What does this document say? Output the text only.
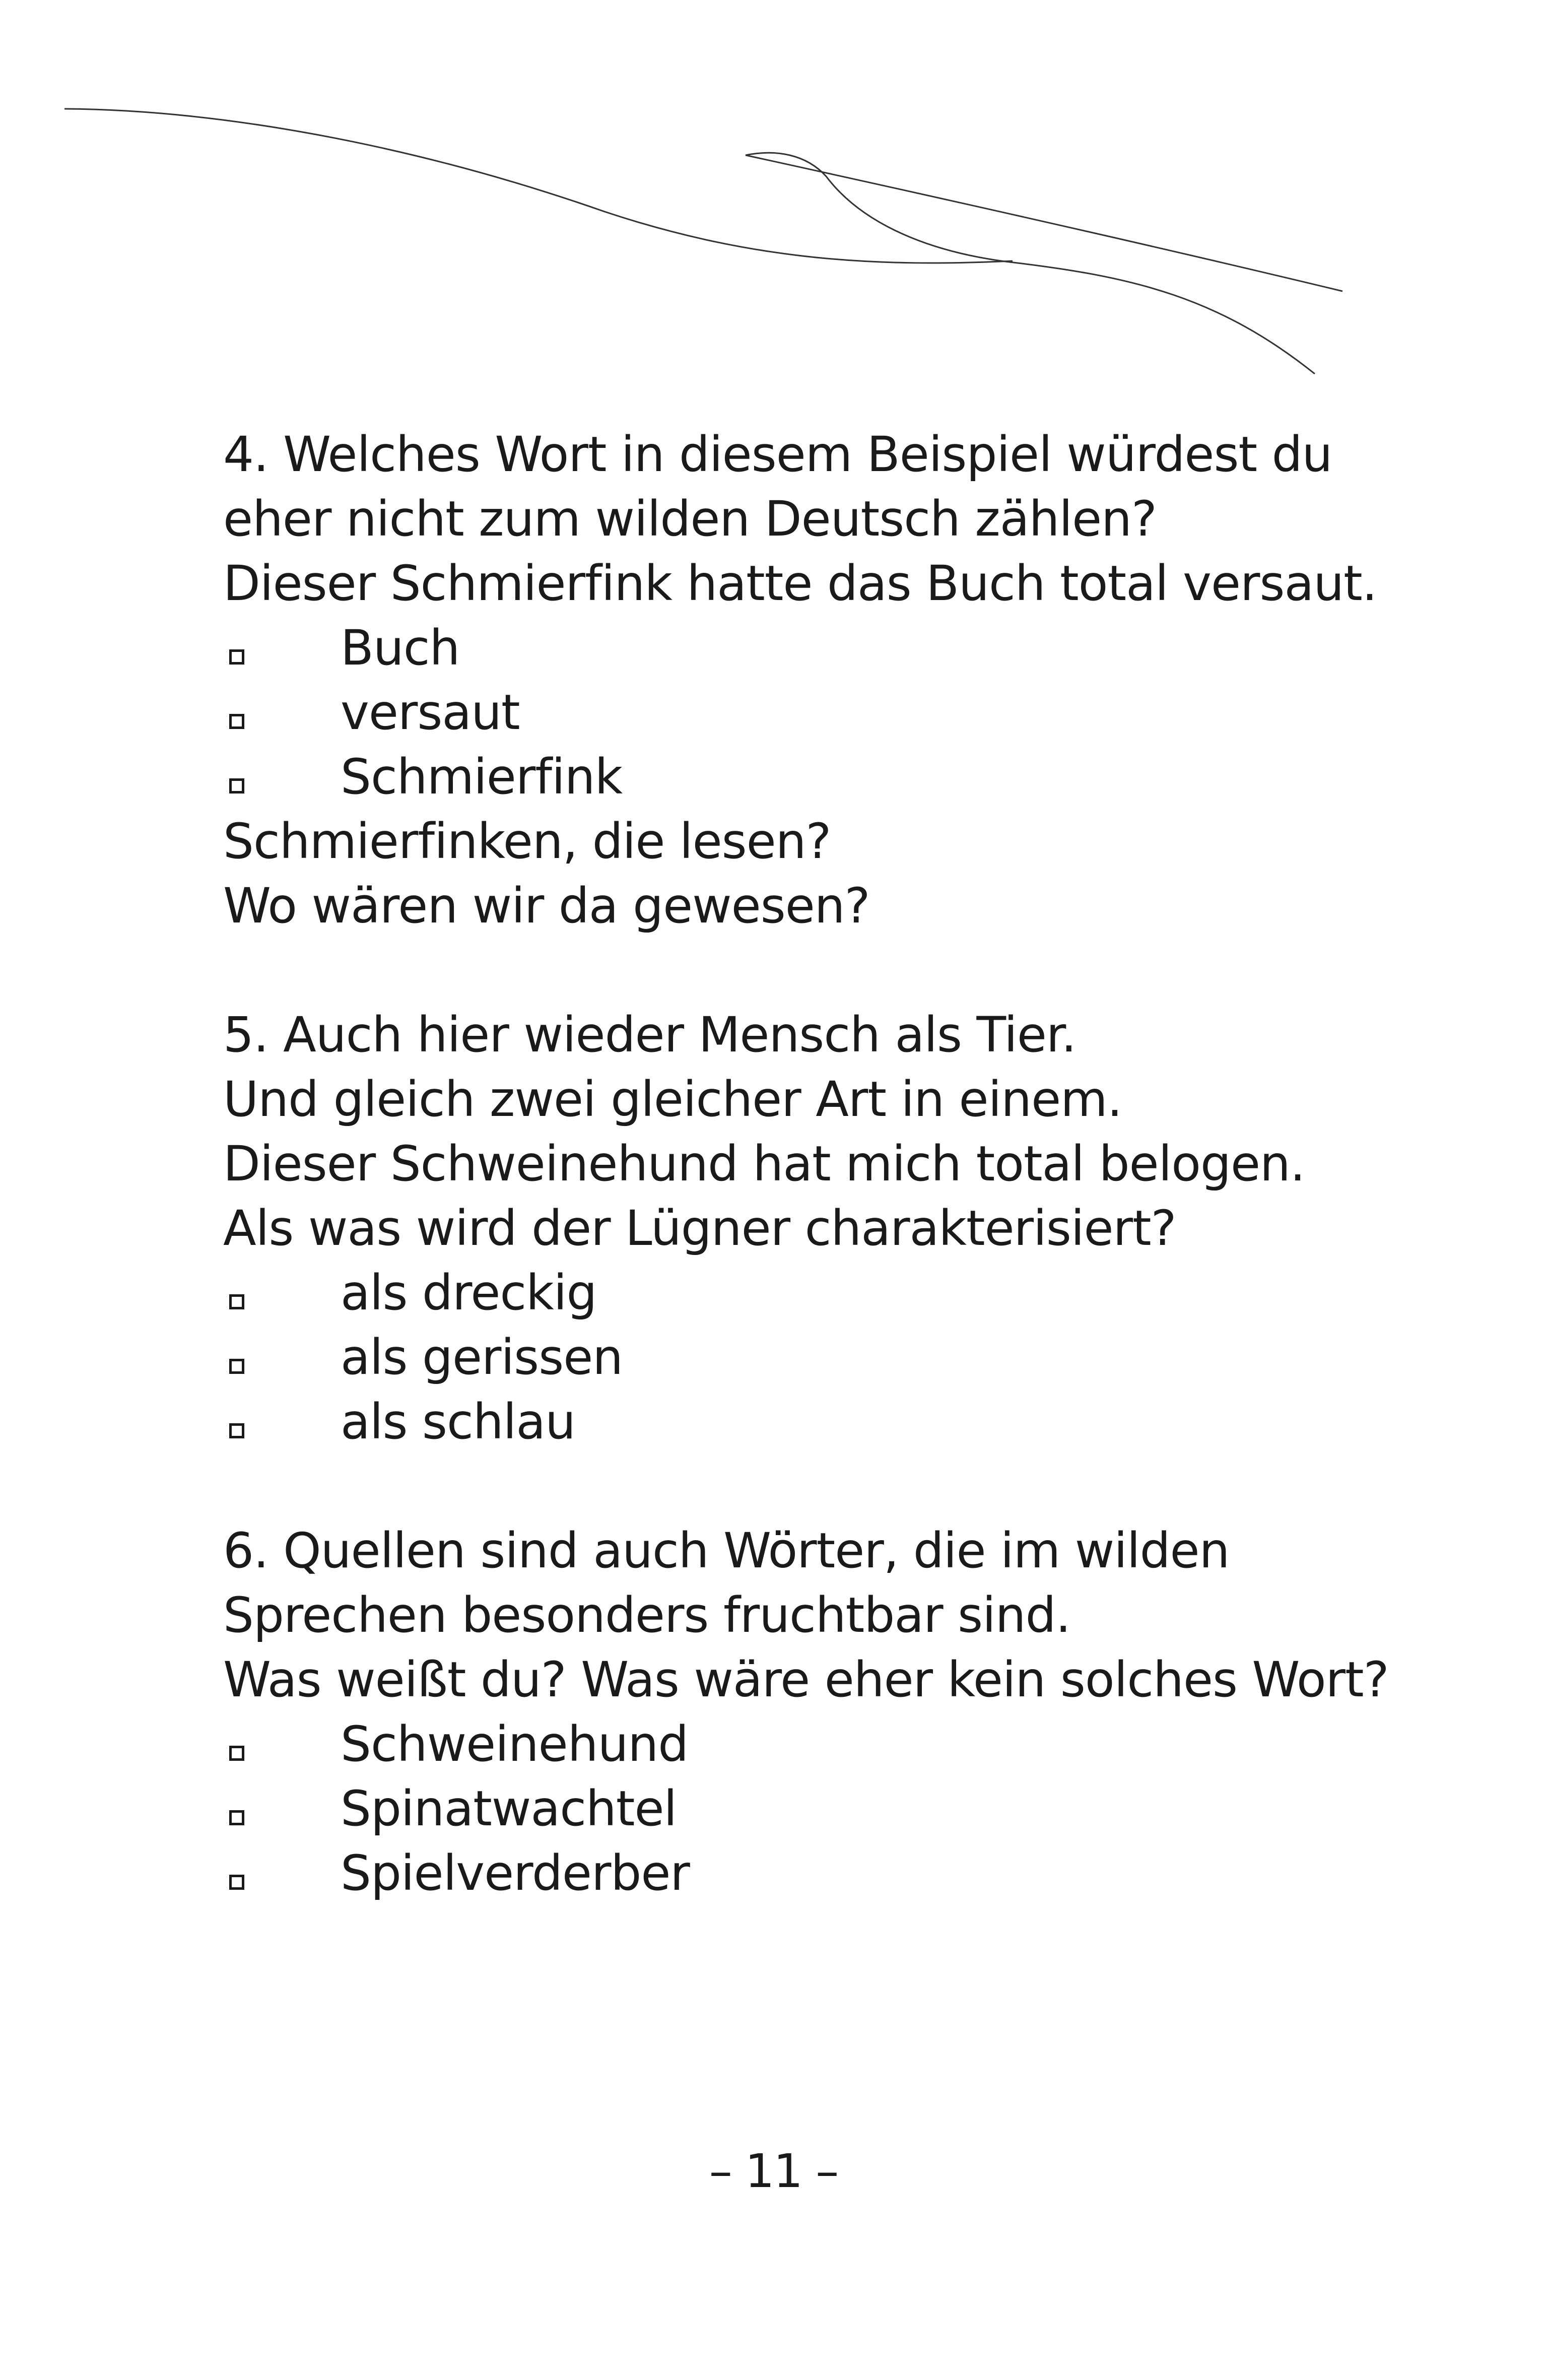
4. Welches Wort in diesem Beispiel würdest du
eher nicht zum wilden Deutsch zählen?
Dieser Schmierfink hatte das Buch total versaut.
Buch
versaut
Schmierfink
Schmierfinken, die lesen?
Wo wären wir da gewesen?
5. Auch hier wieder Mensch als Tier.
Und gleich zwei gleicher Art in einem.
Dieser Schweinehund hat mich total belogen.
Als was wird der Lügner charakterisiert?
als dreckig
als gerissen
als schlau
6. Quellen sind auch Wörter, die im wilden
Sprechen besonders fruchtbar sind.
Was weißt du? Was wäre eher kein solches Wort?
Schweinehund
Spinatwachtel
Spielverderber
– 11 –
